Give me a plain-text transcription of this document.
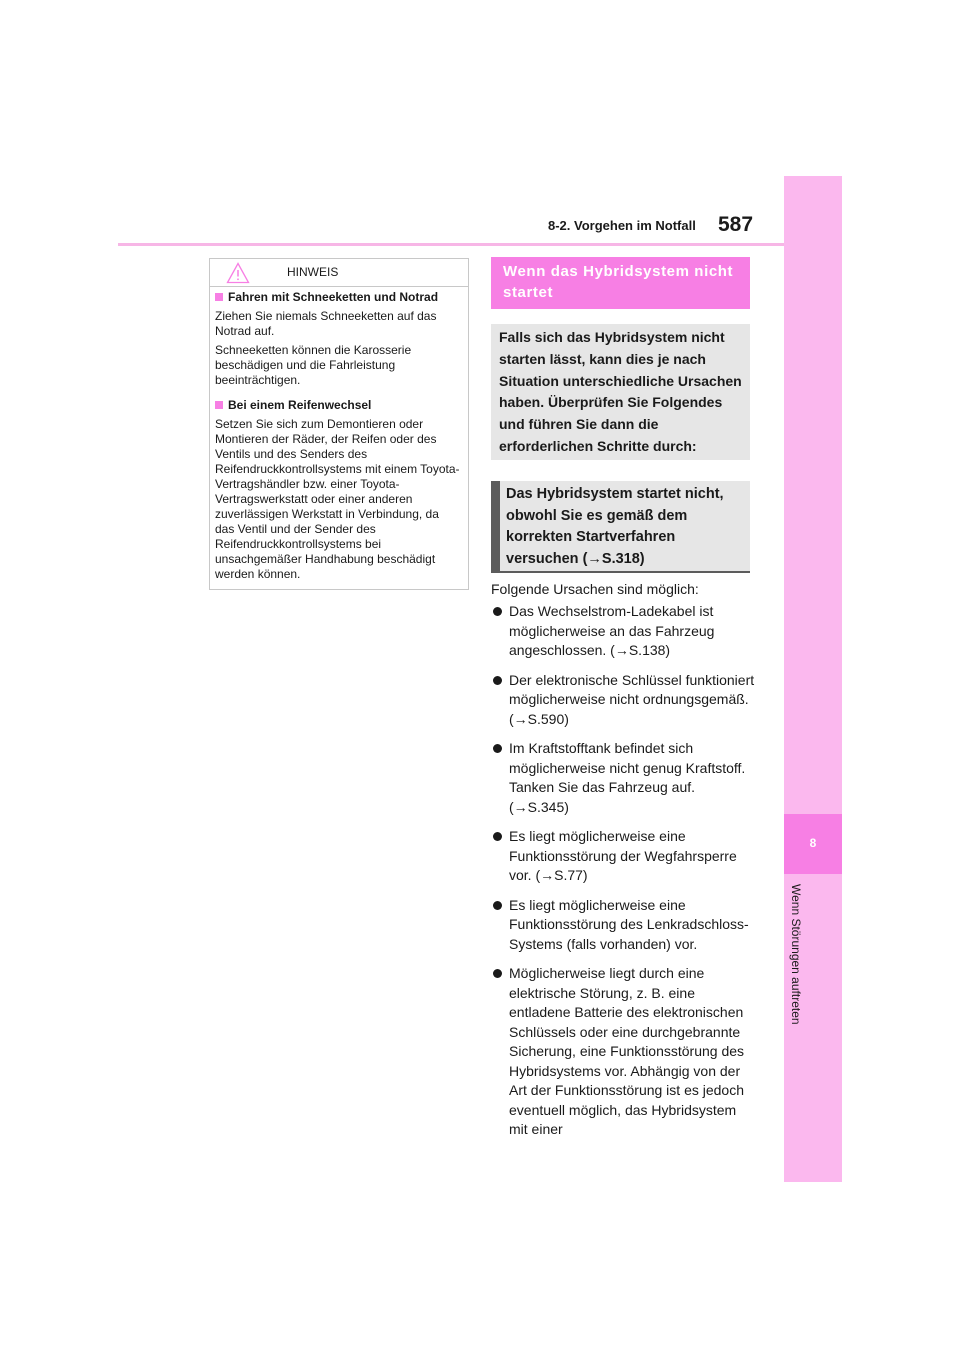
8-2. Vorgehen im Notfall 587
8
Wenn Störungen auftreten
HINWEIS
Fahren mit Schneeketten und Notrad
Ziehen Sie niemals Schneeketten auf das Notrad auf.
Schneeketten können die Karosserie beschädigen und die Fahrleistung beeinträchtigen.
Bei einem Reifenwechsel
Setzen Sie sich zum Demontieren oder Montieren der Räder, der Reifen oder des Ventils und des Senders des Reifendruckkontrollsystems mit einem Toyota-Vertragshändler bzw. einer Toyota-Vertragswerkstatt oder einer anderen zuverlässigen Werkstatt in Verbindung, da das Ventil und der Sender des Reifendruckkontrollsystems bei unsachgemäßer Handhabung beschädigt werden können.
Wenn das Hybridsystem nicht startet
Falls sich das Hybridsystem nicht starten lässt, kann dies je nach Situation unterschiedliche Ursachen haben. Überprüfen Sie Folgendes und führen Sie dann die erforderlichen Schritte durch:
Das Hybridsystem startet nicht, obwohl Sie es gemäß dem korrekten Startverfahren versuchen (→S.318)
Folgende Ursachen sind möglich:
Das Wechselstrom-Ladekabel ist möglicherweise an das Fahrzeug angeschlossen. (→S.138)
Der elektronische Schlüssel funktioniert möglicherweise nicht ordnungsgemäß. (→S.590)
Im Kraftstofftank befindet sich möglicherweise nicht genug Kraftstoff. Tanken Sie das Fahrzeug auf. (→S.345)
Es liegt möglicherweise eine Funktionsstörung der Wegfahrsperre vor. (→S.77)
Es liegt möglicherweise eine Funktionsstörung des Lenkradschloss-Systems (falls vorhanden) vor.
Möglicherweise liegt durch eine elektrische Störung, z. B. eine entladene Batterie des elektronischen Schlüssels oder eine durchgebrannte Sicherung, eine Funktionsstörung des Hybridsystems vor. Abhängig von der Art der Funktionsstörung ist es jedoch eventuell möglich, das Hybridsystem mit einer
